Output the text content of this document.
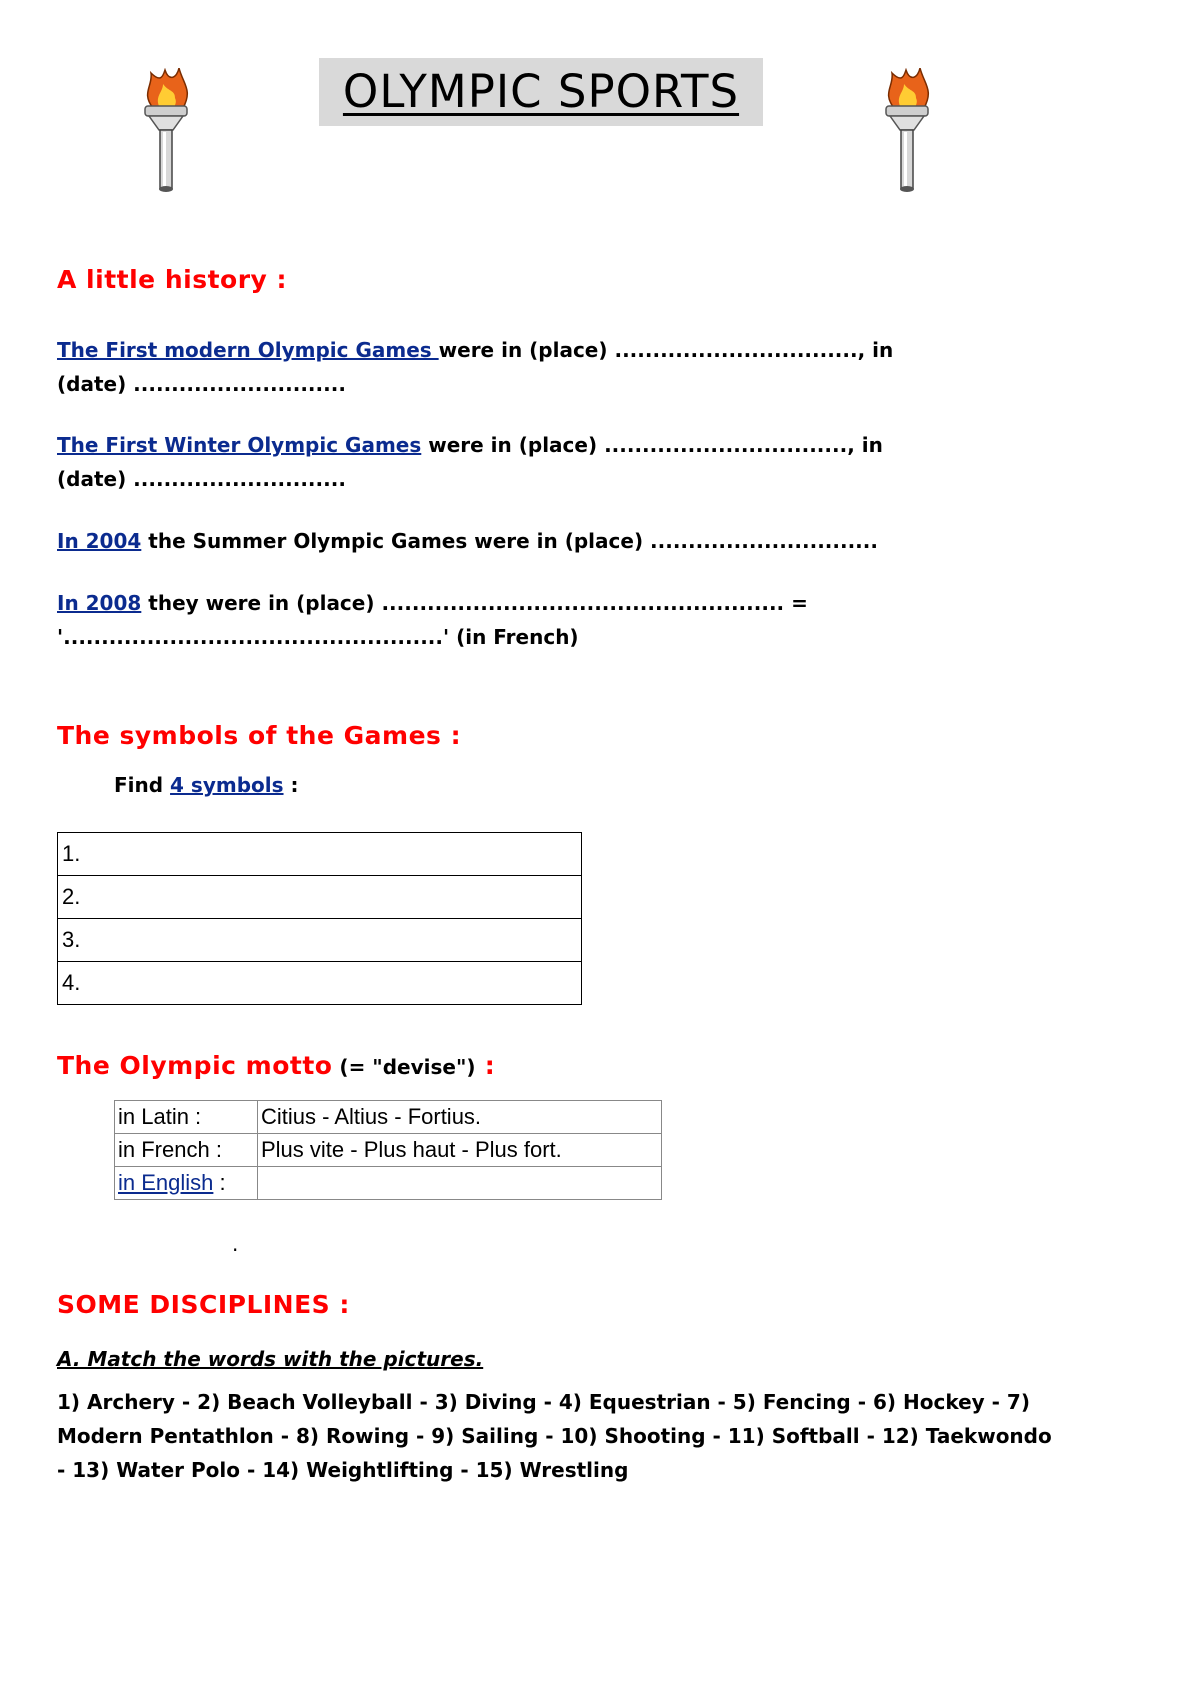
OLYMPIC SPORTS
A little history :
The First modern Olympic Games were in (place) ................................, in
(date) ............................
The First Winter Olympic Games were in (place) ................................, in
(date) ............................
In 2004 the Summer Olympic Games were in (place) ..............................
In 2008 they were in (place) ..................................................... =
'..................................................' (in French)
The symbols of the Games :
Find 4 symbols :
1.
2.
3.
4.
The Olympic motto (= "devise") :
in Latin :	Citius - Altius - Fortius.
in French :	Plus vite - Plus haut - Plus fort.
in English :	
.
SOME DISCIPLINES :
A. Match the words with the pictures.
1) Archery - 2) Beach Volleyball - 3) Diving - 4) Equestrian - 5) Fencing - 6) Hockey - 7)
Modern Pentathlon - 8) Rowing - 9) Sailing - 10) Shooting - 11) Softball - 12) Taekwondo
- 13) Water Polo - 14) Weightlifting - 15) Wrestling
